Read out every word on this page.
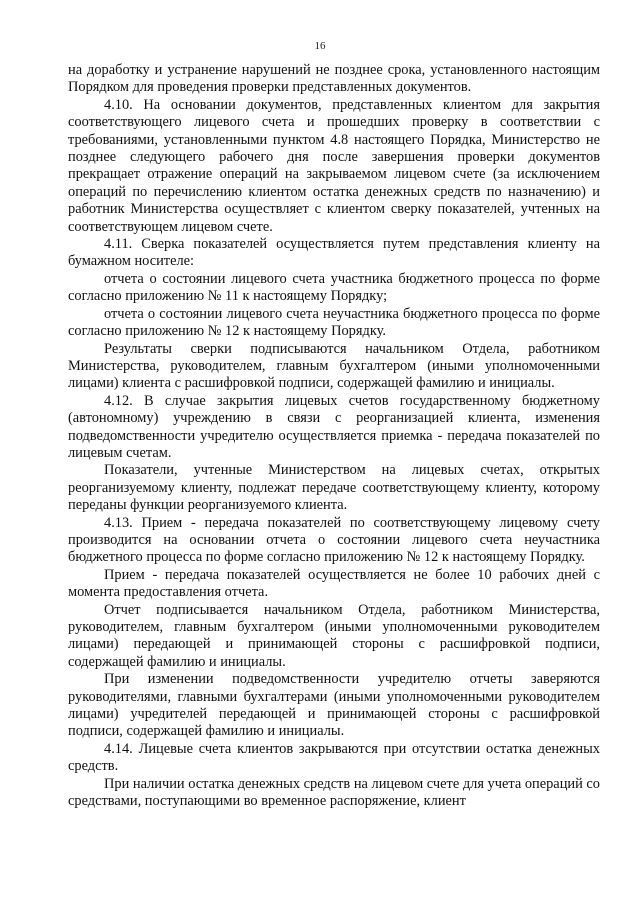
16

на доработку и устранение нарушений не позднее срока, установленного настоящим Порядком для проведения проверки представленных документов.

4.10. На основании документов, представленных клиентом для закрытия соответствующего лицевого счета и прошедших проверку в соответствии с требованиями, установленными пунктом 4.8 настоящего Порядка, Министерство не позднее следующего рабочего дня после завершения проверки документов прекращает отражение операций на закрываемом лицевом счете (за исключением операций по перечислению клиентом остатка денежных средств по назначению) и работник Министерства осуществляет с клиентом сверку показателей, учтенных на соответствующем лицевом счете.

4.11. Сверка показателей осуществляется путем представления клиенту на бумажном носителе:

отчета о состоянии лицевого счета участника бюджетного процесса по форме согласно приложению № 11 к настоящему Порядку;

отчета о состоянии лицевого счета неучастника бюджетного процесса по форме согласно приложению № 12 к настоящему Порядку.

Результаты сверки подписываются начальником Отдела, работником Министерства, руководителем, главным бухгалтером (иными уполномоченными лицами) клиента с расшифровкой подписи, содержащей фамилию и инициалы.

4.12. В случае закрытия лицевых счетов государственному бюджетному (автономному) учреждению в связи с реорганизацией клиента, изменения подведомственности учредителю осуществляется приемка - передача показателей по лицевым счетам.

Показатели, учтенные Министерством на лицевых счетах, открытых реорганизуемому клиенту, подлежат передаче соответствующему клиенту, которому переданы функции реорганизуемого клиента.

4.13. Прием - передача показателей по соответствующему лицевому счету производится на основании отчета о состоянии лицевого счета неучастника бюджетного процесса по форме согласно приложению № 12 к настоящему Порядку.

Прием - передача показателей осуществляется не более 10 рабочих дней с момента предоставления отчета.

Отчет подписывается начальником Отдела, работником Министерства, руководителем, главным бухгалтером (иными уполномоченными руководителем лицами) передающей и принимающей стороны с расшифровкой подписи, содержащей фамилию и инициалы.

При изменении подведомственности учредителю отчеты заверяются руководителями, главными бухгалтерами (иными уполномоченными руководителем лицами) учредителей передающей и принимающей стороны с расшифровкой подписи, содержащей фамилию и инициалы.

4.14. Лицевые счета клиентов закрываются при отсутствии остатка денежных средств.

При наличии остатка денежных средств на лицевом счете для учета операций со средствами, поступающими во временное распоряжение, клиент
